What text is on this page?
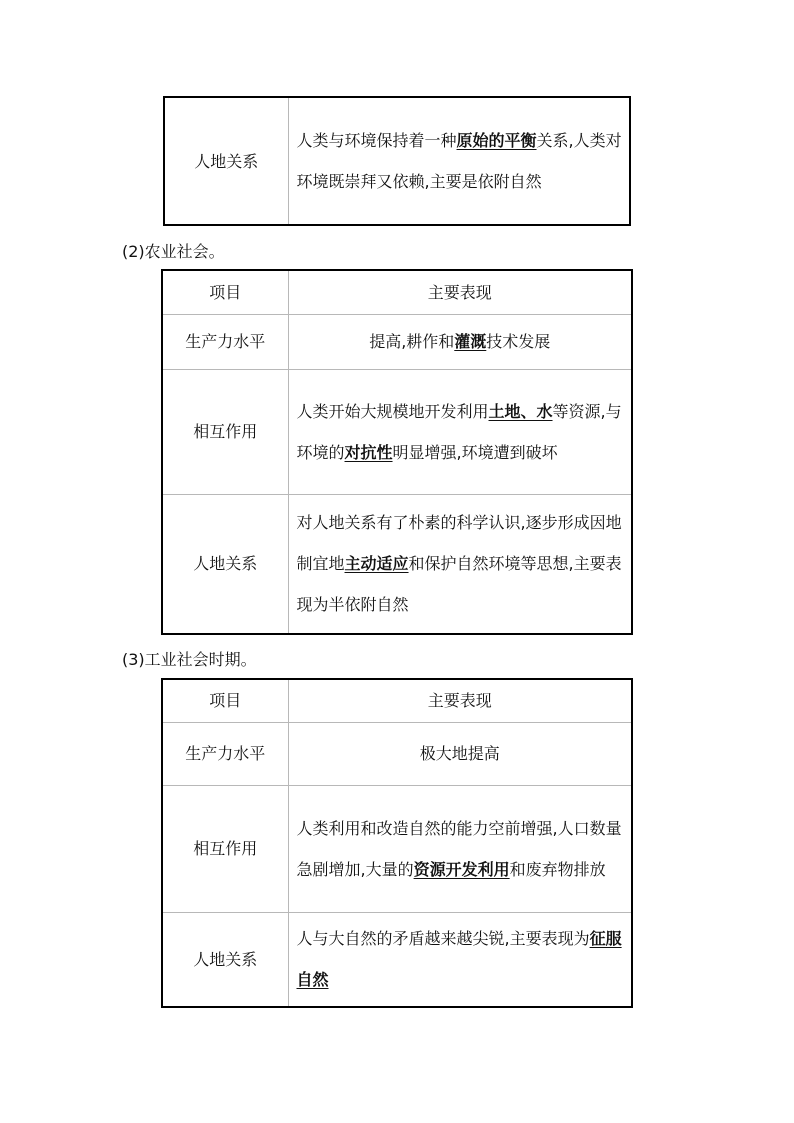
人地关系	人类与环境保持着一种原始的平衡关系,人类对环境既崇拜又依赖,主要是依附自然
(2)农业社会。
项目	主要表现
生产力水平	提高,耕作和灌溉技术发展
相互作用	人类开始大规模地开发利用土地、水等资源,与环境的对抗性明显增强,环境遭到破坏
人地关系	对人地关系有了朴素的科学认识,逐步形成因地制宜地主动适应和保护自然环境等思想,主要表现为半依附自然
(3)工业社会时期。
项目	主要表现
生产力水平	极大地提高
相互作用	人类利用和改造自然的能力空前增强,人口数量急剧增加,大量的资源开发利用和废弃物排放
人地关系	人与大自然的矛盾越来越尖锐,主要表现为征服自然
